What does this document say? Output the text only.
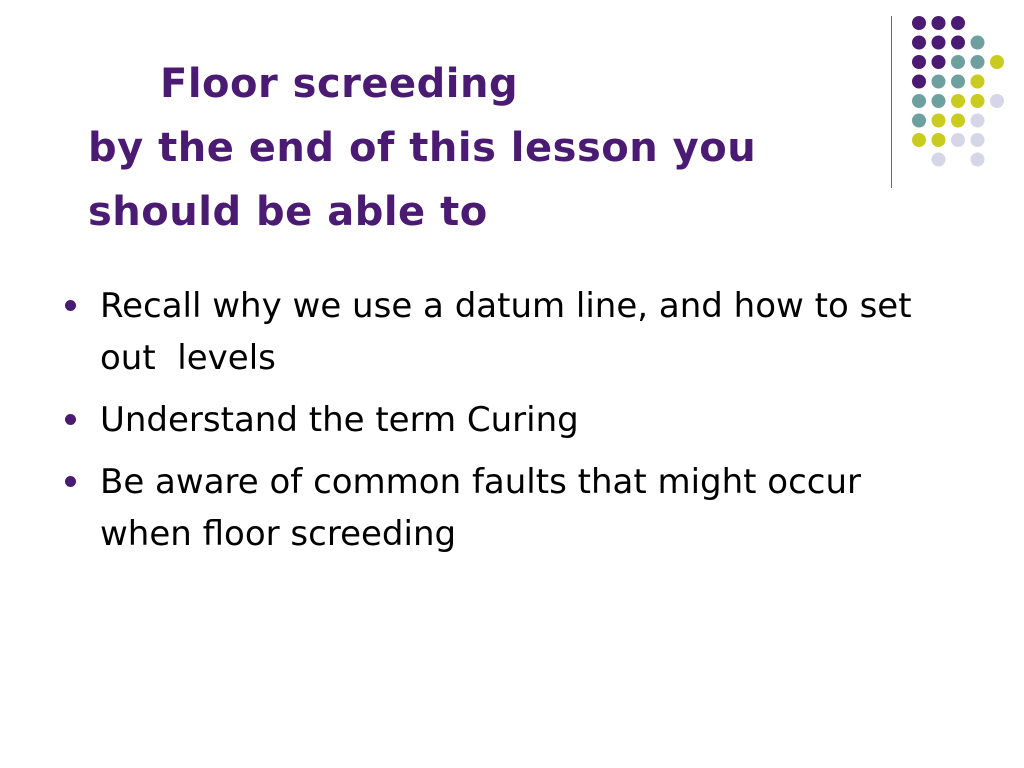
Floor screeding
by the end of this lesson you
should be able to
Recall why we use a datum line, and how to set out  levels
Understand the term Curing
Be aware of common faults that might occur when floor screeding
